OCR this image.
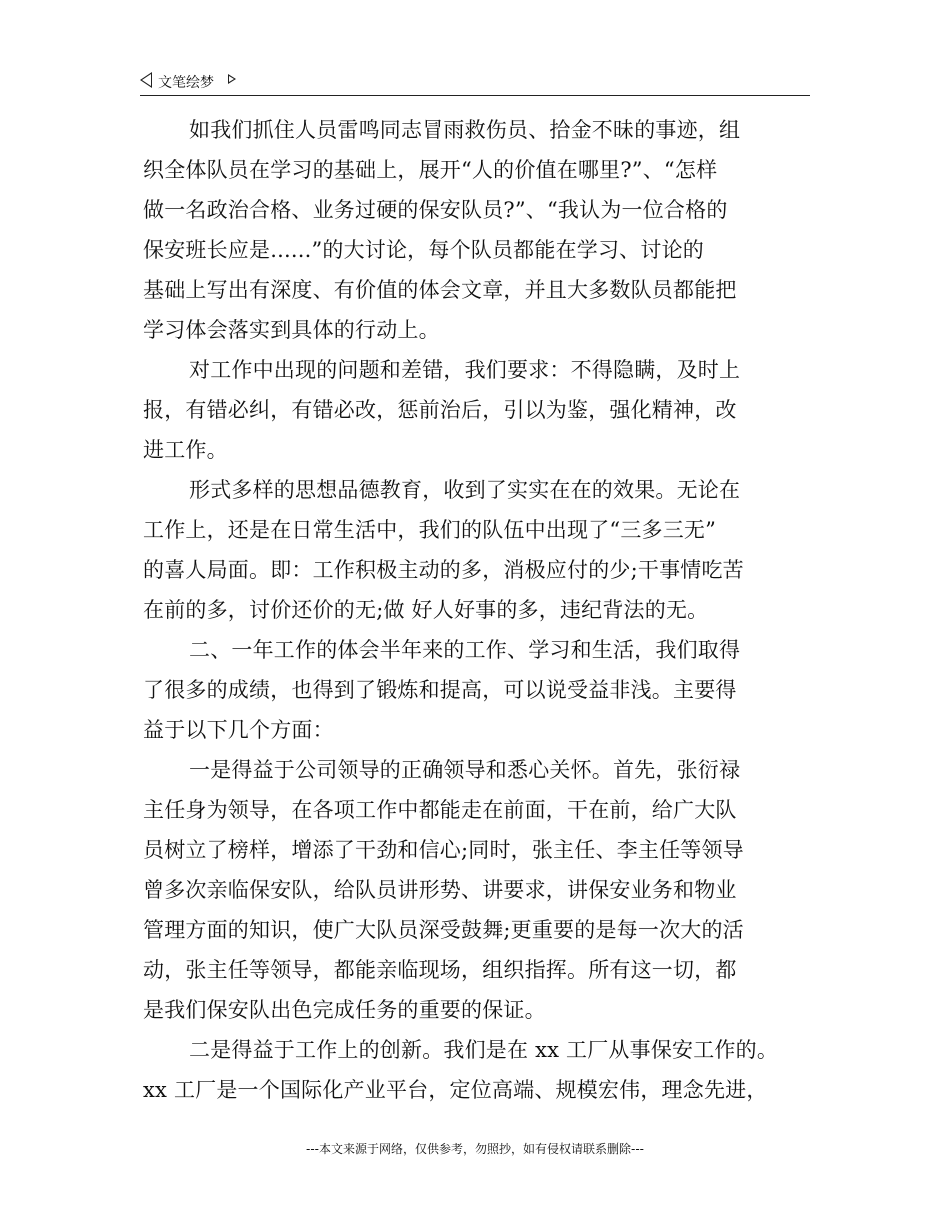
文笔绘梦
如我们抓住人员雷鸣同志冒雨救伤员、拾金不昧的事迹，组
织全体队员在学习的基础上，展开“人的价值在哪里?”、“怎样
做一名政治合格、业务过硬的保安队员?”、“我认为一位合格的
保安班长应是......”的大讨论，每个队员都能在学习、讨论的
基础上写出有深度、有价值的体会文章，并且大多数队员都能把
学习体会落实到具体的行动上。
对工作中出现的问题和差错，我们要求：不得隐瞒，及时上
报，有错必纠，有错必改，惩前治后，引以为鉴，强化精神，改
进工作。
形式多样的思想品德教育，收到了实实在在的效果。无论在
工作上，还是在日常生活中，我们的队伍中出现了“三多三无”
的喜人局面。即：工作积极主动的多，消极应付的少;干事情吃苦
在前的多，讨价还价的无;做 好人好事的多，违纪背法的无。
二、一年工作的体会半年来的工作、学习和生活，我们取得
了很多的成绩，也得到了锻炼和提高，可以说受益非浅。主要得
益于以下几个方面：
一是得益于公司领导的正确领导和悉心关怀。首先，张衍禄
主任身为领导，在各项工作中都能走在前面，干在前，给广大队
员树立了榜样，增添了干劲和信心;同时，张主任、李主任等领导
曾多次亲临保安队，给队员讲形势、讲要求，讲保安业务和物业
管理方面的知识，使广大队员深受鼓舞;更重要的是每一次大的活
动，张主任等领导，都能亲临现场，组织指挥。所有这一切，都
是我们保安队出色完成任务的重要的保证。
二是得益于工作上的创新。我们是在 xx 工厂从事保安工作的。
xx 工厂是一个国际化产业平台，定位高端、规模宏伟，理念先进，
---本文来源于网络，仅供参考，勿照抄，如有侵权请联系删除---
